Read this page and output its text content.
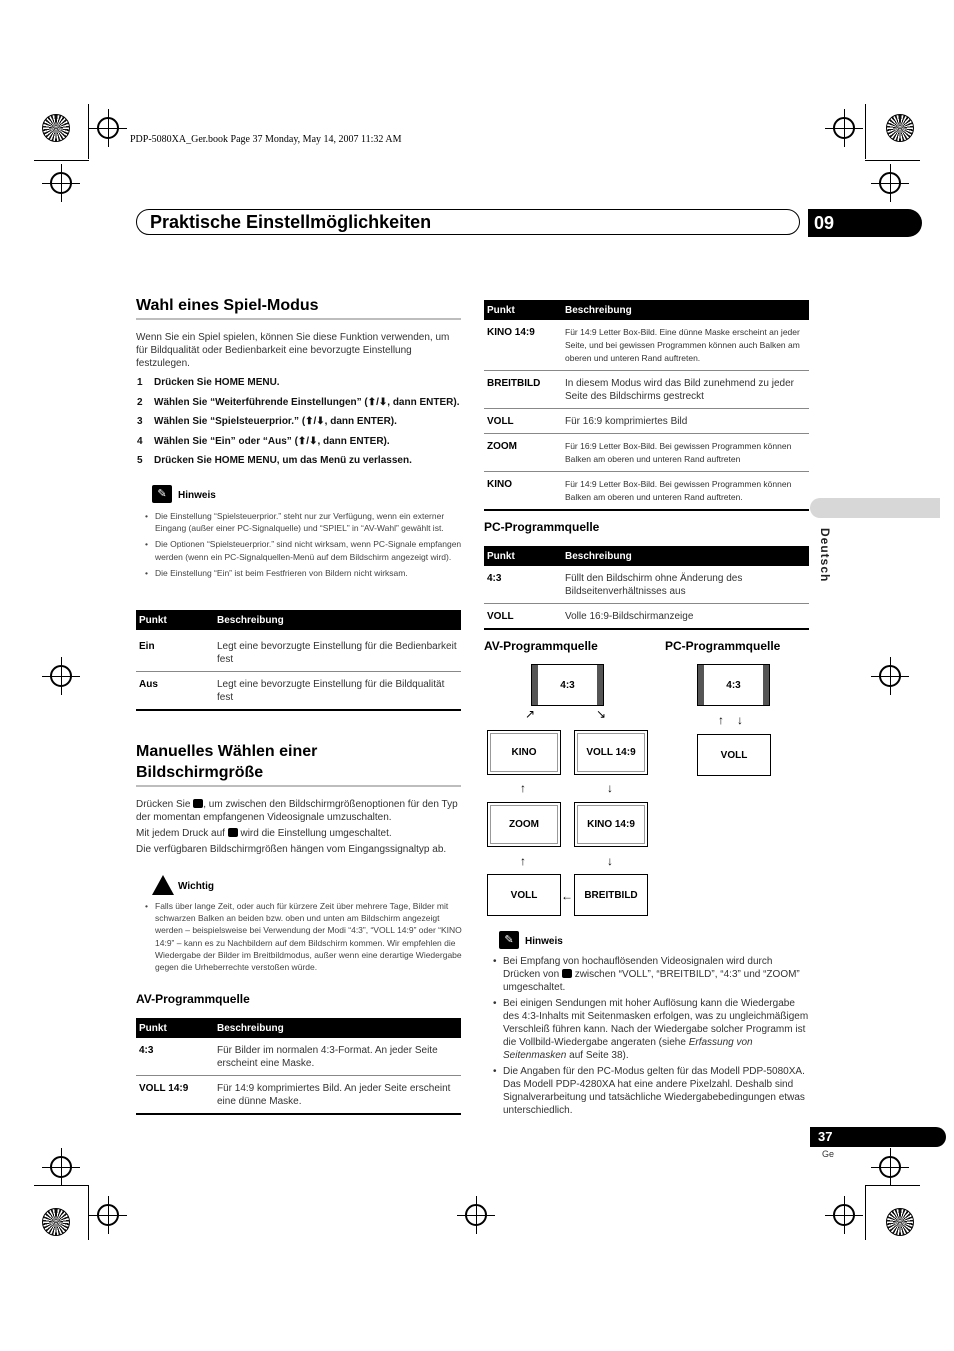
PDP-5080XA_Ger.book Page 37 Monday, May 14, 2007 11:32 AM
Praktische Einstellmöglichkeiten	09
Deutsch
Wahl eines Spiel-Modus

Wenn Sie ein Spiel spielen, können Sie diese Funktion verwenden, um für Bildqualität oder Bedienbarkeit eine bevorzugte Einstellung festzulegen.

1 Drücken Sie HOME MENU.
2 Wählen Sie “Weiterführende Einstellungen” (⬆/⬇, dann ENTER).
3 Wählen Sie “Spielsteuerprior.” (⬆/⬇, dann ENTER).
4 Wählen Sie “Ein” oder “Aus” (⬆/⬇, dann ENTER).
5 Drücken Sie HOME MENU, um das Menü zu verlassen.
✎	Hinweis
• Die Einstellung “Spielsteuerprior.” steht nur zur Verfügung, wenn ein externer Eingang (außer einer PC-Signalquelle) und “SPIEL” in “AV-Wahl” gewählt ist.
• Die Optionen “Spielsteuerprior.” sind nicht wirksam, wenn PC-Signale empfangen werden (wenn ein PC-Signalquellen-Menü auf dem Bildschirm angezeigt wird).
• Die Einstellung “Ein” ist beim Festfrieren von Bildern nicht wirksam.
Punkt	Beschreibung
Ein	Legt eine bevorzugte Einstellung für die Bedienbarkeit fest
Aus	Legt eine bevorzugte Einstellung für die Bildqualität fest
Manuelles Wählen einer
Bildschirmgröße

Drücken Sie , um zwischen den Bildschirmgrößenoptionen für den Typ der momentan empfangenen Videosignale umzuschalten.

Mit jedem Druck auf wird die Einstellung umgeschaltet.

Die verfügbaren Bildschirmgrößen hängen vom Eingangssignaltyp ab.

Wichtig
• Falls über lange Zeit, oder auch für kürzere Zeit über mehrere Tage, Bilder mit schwarzen Balken an beiden bzw. oben und unten am Bildschirm angezeigt werden – beispielsweise bei Verwendung der Modi “4:3”, “VOLL 14:9” oder “KINO 14:9” – kann es zu Nachbildern auf dem Bildschirm kommen. Wir empfehlen die Wiedergabe der Bilder im Breitbildmodus, außer wenn eine derartige Wiedergabe gegen die Urheberrechte verstoßen würde.
AV-Programmquelle
Punkt	Beschreibung
4:3	Für Bilder im normalen 4:3-Format. An jeder Seite erscheint eine Maske.
VOLL 14:9	Für 14:9 komprimiertes Bild. An jeder Seite erscheint eine dünne Maske.
Punkt	Beschreibung
KINO 14:9	Für 14:9 Letter Box-Bild. Eine dünne Maske erscheint an jeder Seite, und bei gewissen Programmen können auch Balken am oberen und unteren Rand auftreten.
BREITBILD	In diesem Modus wird das Bild zunehmend zu jeder Seite des Bildschirms gestreckt
VOLL	Für 16:9 komprimiertes Bild
ZOOM	Für 16:9 Letter Box-Bild. Bei gewissen Programmen können Balken am oberen und unteren Rand auftreten
KINO	Für 14:9 Letter Box-Bild. Bei gewissen Programmen können Balken am oberen und unteren Rand auftreten.
PC-Programmquelle
Punkt	Beschreibung
4:3	Füllt den Bildschirm ohne Änderung des Bildseitenverhältnisses aus
VOLL	Volle 16:9-Bildschirmanzeige
AV-Programmquelle	PC-Programmquelle
4:3
KINO	VOLL 14:9
ZOOM	KINO 14:9
VOLL	BREITBILD
↗	↘
↑	↓
↑	↓
←
4:3
VOLL
↑ ↓
✎	Hinweis
• Bei Empfang von hochauflösenden Videosignalen wird durch Drücken von zwischen “VOLL”, “BREITBILD”, “4:3” und “ZOOM” umgeschaltet.
• Bei einigen Sendungen mit hoher Auflösung kann die Wiedergabe des 4:3-Inhalts mit Seitenmasken erfolgen, was zu ungleichmäßigem Verschleiß führen kann. Nach der Wiedergabe solcher Programm ist die Vollbild-Wiedergabe angeraten (siehe Erfassung von Seitenmasken auf Seite 38).
• Die Angaben für den PC-Modus gelten für das Modell PDP-5080XA. Das Modell PDP-4280XA hat eine andere Pixelzahl. Deshalb sind Signalverarbeitung und tatsächliche Wiedergabebedingungen etwas unterschiedlich.
37
Ge
